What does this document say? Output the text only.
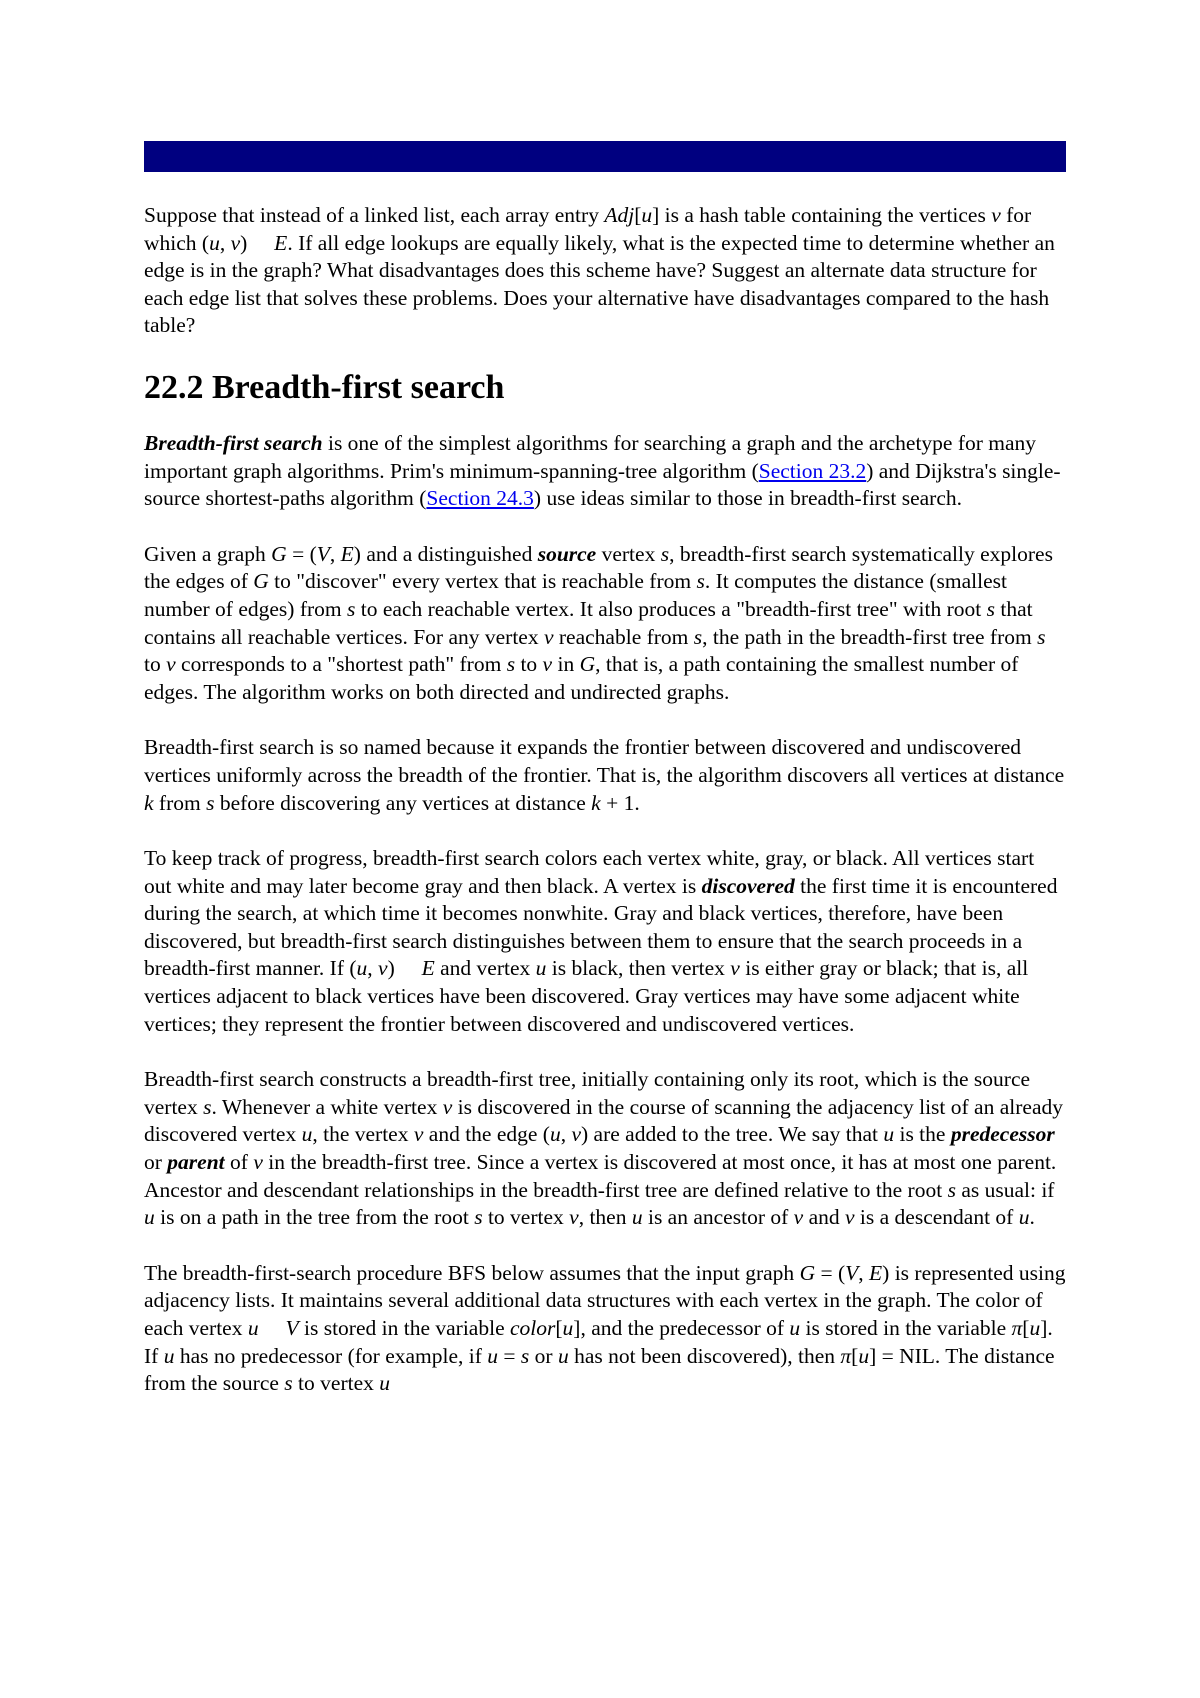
Suppose that instead of a linked list, each array entry Adj[u] is a hash table containing the vertices v for which (u, v)     E. If all edge lookups are equally likely, what is the expected time to determine whether an edge is in the graph? What disadvantages does this scheme have? Suggest an alternate data structure for each edge list that solves these problems. Does your alternative have disadvantages compared to the hash table?

22.2 Breadth-first search

Breadth-first search is one of the simplest algorithms for searching a graph and the archetype for many important graph algorithms. Prim's minimum-spanning-tree algorithm (Section 23.2) and Dijkstra's single-source shortest-paths algorithm (Section 24.3) use ideas similar to those in breadth-first search.

Given a graph G = (V, E) and a distinguished source vertex s, breadth-first search systematically explores the edges of G to "discover" every vertex that is reachable from s. It computes the distance (smallest number of edges) from s to each reachable vertex. It also produces a "breadth-first tree" with root s that contains all reachable vertices. For any vertex v reachable from s, the path in the breadth-first tree from s to v corresponds to a "shortest path" from s to v in G, that is, a path containing the smallest number of edges. The algorithm works on both directed and undirected graphs.

Breadth-first search is so named because it expands the frontier between discovered and undiscovered vertices uniformly across the breadth of the frontier. That is, the algorithm discovers all vertices at distance k from s before discovering any vertices at distance k + 1.

To keep track of progress, breadth-first search colors each vertex white, gray, or black. All vertices start out white and may later become gray and then black. A vertex is discovered the first time it is encountered during the search, at which time it becomes nonwhite. Gray and black vertices, therefore, have been discovered, but breadth-first search distinguishes between them to ensure that the search proceeds in a breadth-first manner. If (u, v)     E and vertex u is black, then vertex v is either gray or black; that is, all vertices adjacent to black vertices have been discovered. Gray vertices may have some adjacent white vertices; they represent the frontier between discovered and undiscovered vertices.

Breadth-first search constructs a breadth-first tree, initially containing only its root, which is the source vertex s. Whenever a white vertex v is discovered in the course of scanning the adjacency list of an already discovered vertex u, the vertex v and the edge (u, v) are added to the tree. We say that u is the predecessor or parent of v in the breadth-first tree. Since a vertex is discovered at most once, it has at most one parent. Ancestor and descendant relationships in the breadth-first tree are defined relative to the root s as usual: if u is on a path in the tree from the root s to vertex v, then u is an ancestor of v and v is a descendant of u.

The breadth-first-search procedure BFS below assumes that the input graph G = (V, E) is represented using adjacency lists. It maintains several additional data structures with each vertex in the graph. The color of each vertex u V is stored in the variable color[u], and the predecessor of u is stored in the variable π[u]. If u has no predecessor (for example, if u = s or u has not been discovered), then π[u] = NIL. The distance from the source s to vertex u
